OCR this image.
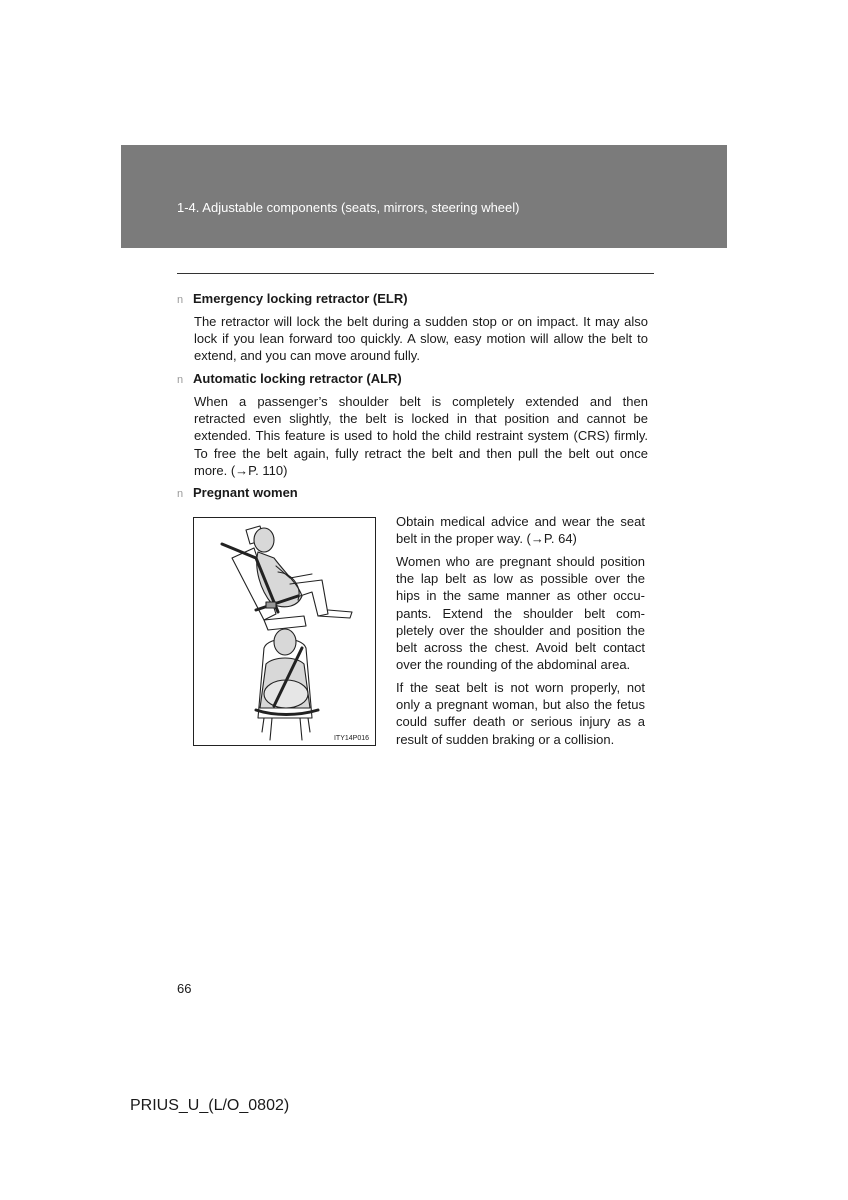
1-4. Adjustable components (seats, mirrors, steering wheel)
n Emergency locking retractor (ELR)

The retractor will lock the belt during a sudden stop or on impact. It may also
lock if you lean forward too quickly. A slow, easy motion will allow the belt to
extend, and you can move around fully.

n Automatic locking retractor (ALR)

When a passenger’s shoulder belt is completely extended and then
retracted even slightly, the belt is locked in that position and cannot be
extended. This feature is used to hold the child restraint system (CRS) firmly.
To free the belt again, fully retract the belt and then pull the belt out once
more. (→P. 110)

n Pregnant women
ITY14P016
Obtain medical advice and wear the seat
belt in the proper way. (→P. 64)
Women who are pregnant should position
the lap belt as low as possible over the
hips in the same manner as other occu-
pants. Extend the shoulder belt com-
pletely over the shoulder and position the
belt across the chest. Avoid belt contact
over the rounding of the abdominal area.
If the seat belt is not worn properly, not
only a pregnant woman, but also the fetus
could suffer death or serious injury as a
result of sudden braking or a collision.
66
PRIUS_U_(L/O_0802)
